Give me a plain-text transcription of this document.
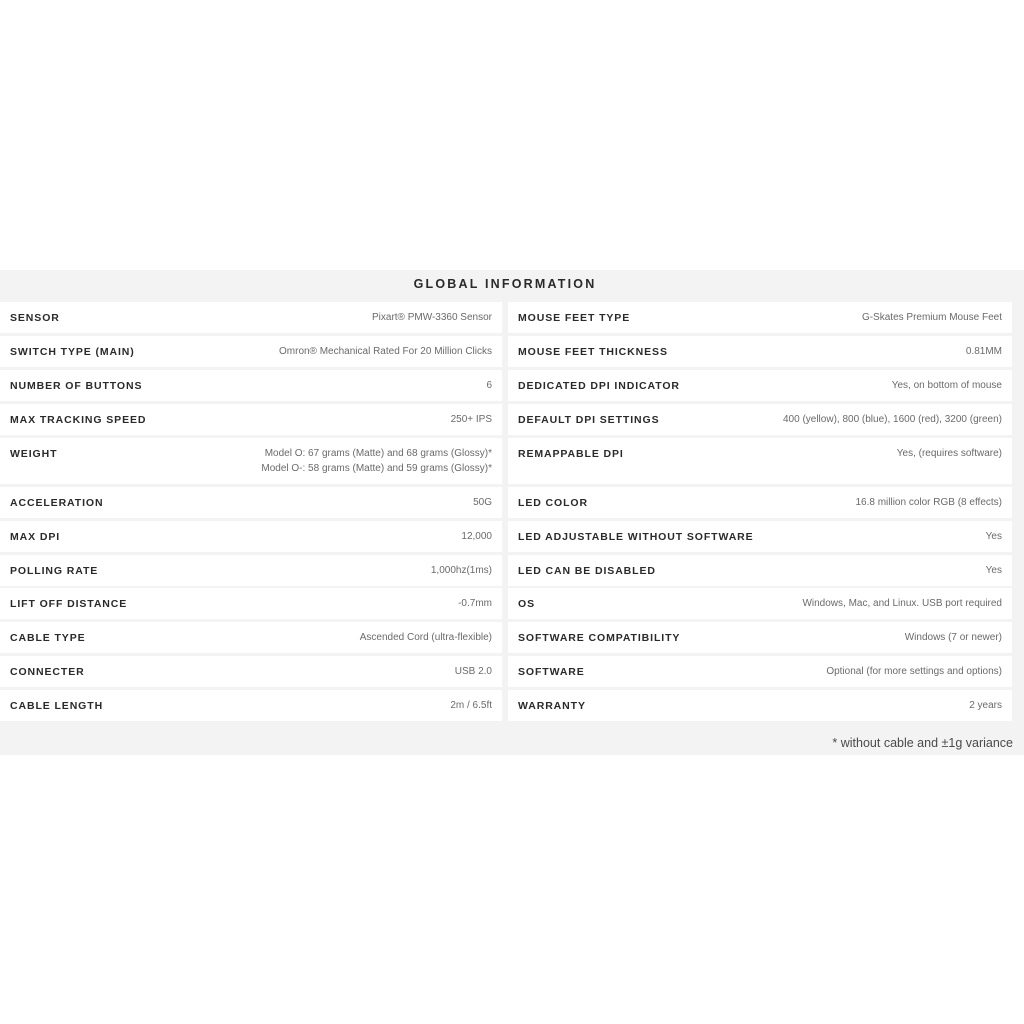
GLOBAL INFORMATION
SENSOR	Pixart® PMW-3360 Sensor
SWITCH TYPE (MAIN)	Omron® Mechanical Rated For 20 Million Clicks
NUMBER OF BUTTONS	6
MAX TRACKING SPEED	250+ IPS
WEIGHT	Model O: 67 grams (Matte) and 68 grams (Glossy)*
Model O-: 58 grams (Matte) and 59 grams (Glossy)*
ACCELERATION	50G
MAX DPI	12,000
POLLING RATE	1,000hz(1ms)
LIFT OFF DISTANCE	-0.7mm
CABLE TYPE	Ascended Cord (ultra-flexible)
CONNECTER	USB 2.0
CABLE LENGTH	2m / 6.5ft
MOUSE FEET TYPE	G-Skates Premium Mouse Feet
MOUSE FEET THICKNESS	0.81MM
DEDICATED DPI INDICATOR	Yes, on bottom of mouse
DEFAULT DPI SETTINGS	400 (yellow), 800 (blue), 1600 (red), 3200 (green)
REMAPPABLE DPI	Yes, (requires software)
LED COLOR	16.8 million color RGB (8 effects)
LED ADJUSTABLE WITHOUT SOFTWARE	Yes
LED CAN BE DISABLED	Yes
OS	Windows, Mac, and Linux. USB port required
SOFTWARE COMPATIBILITY	Windows (7 or newer)
SOFTWARE	Optional (for more settings and options)
WARRANTY	2 years
* without cable and ±1g variance
